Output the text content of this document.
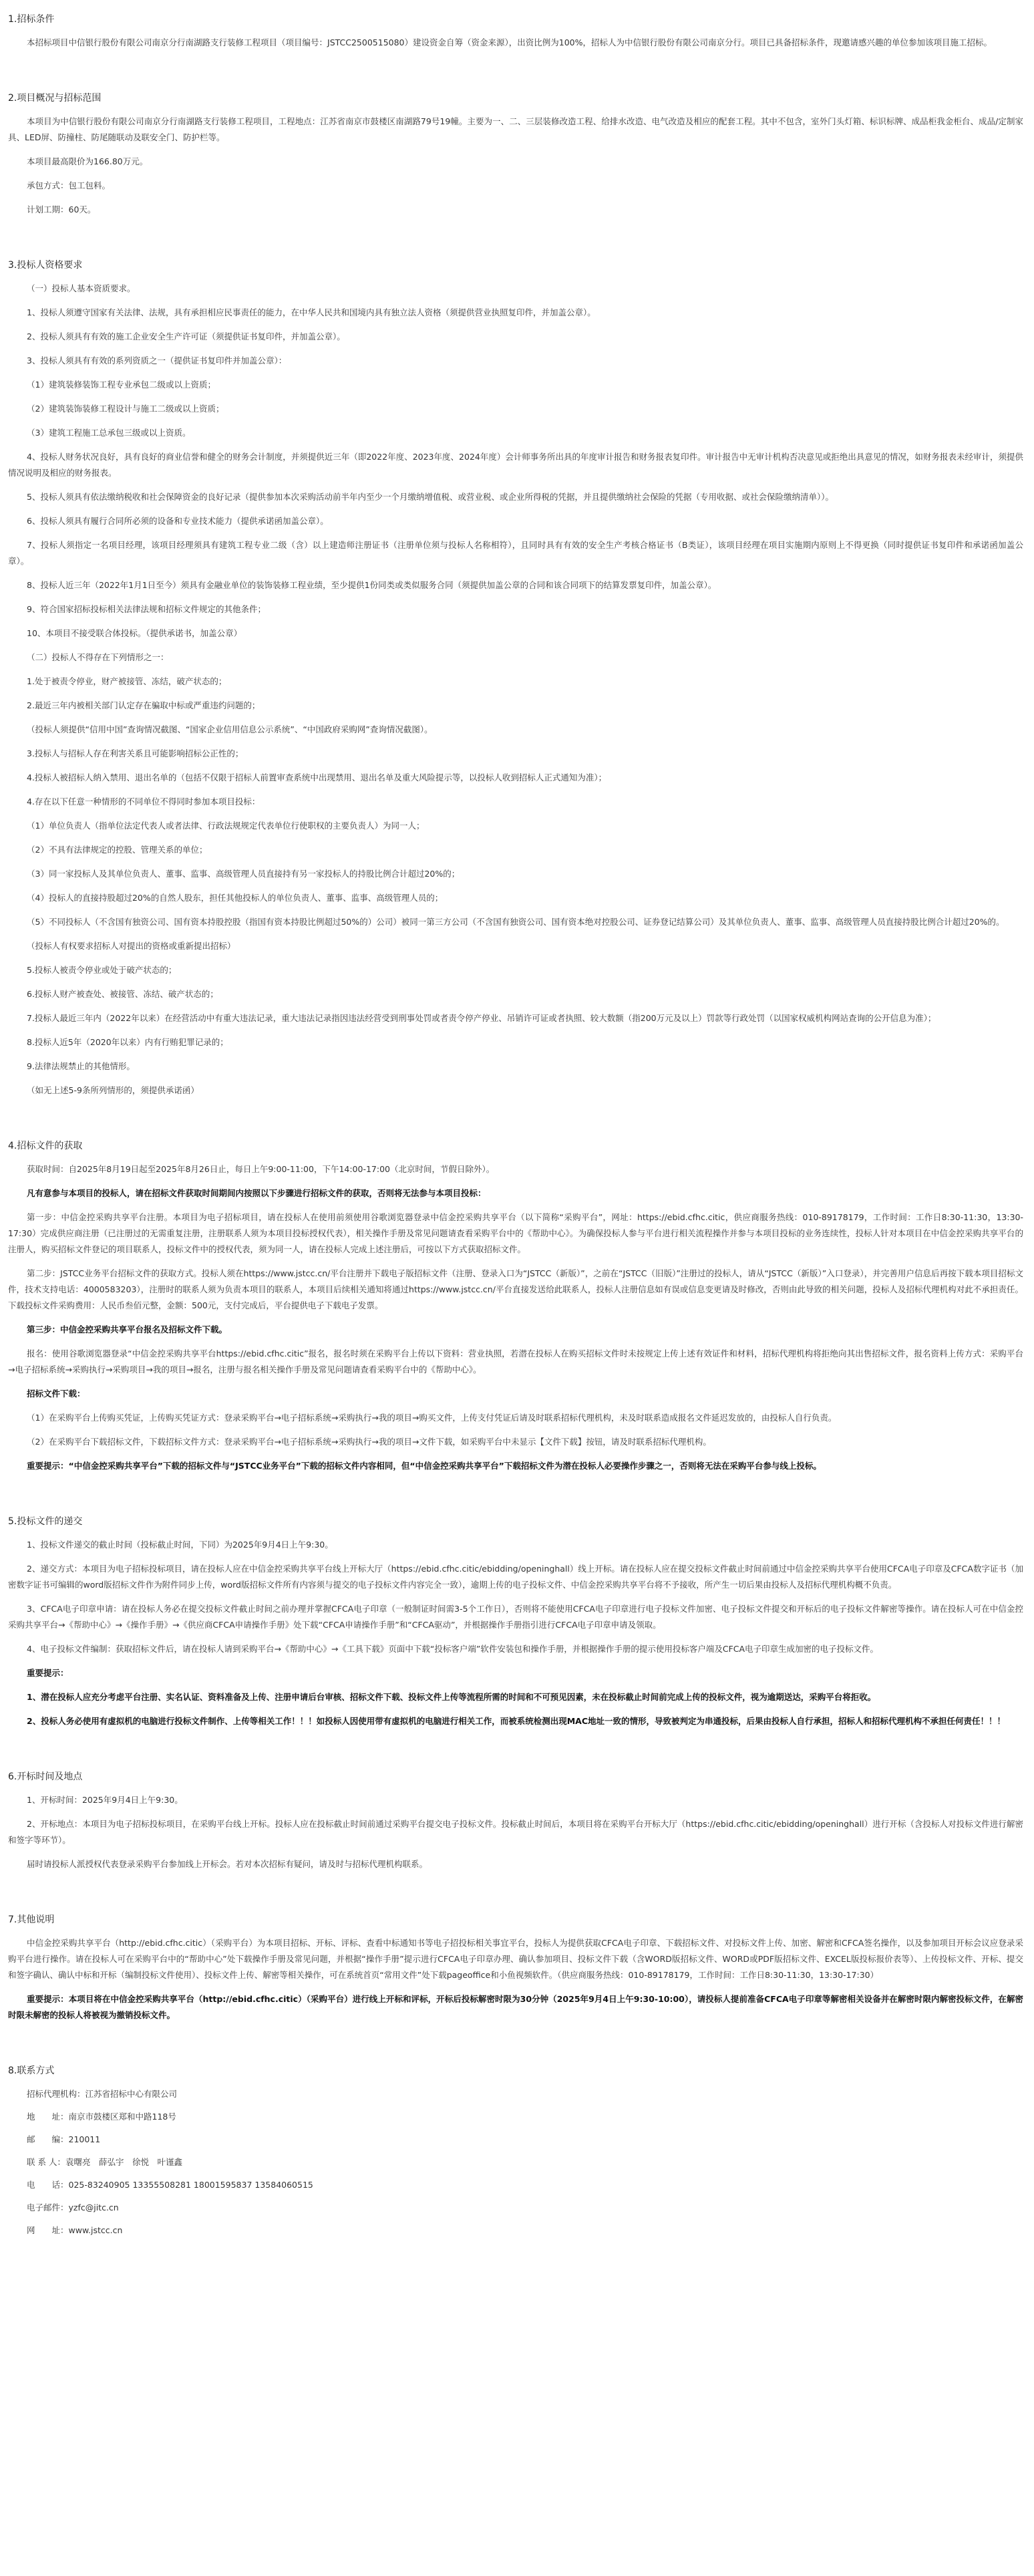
1.招标条件
本招标项目中信银行股份有限公司南京分行南湖路支行装修工程项目（项目编号：JSTCC2500515080）建设资金自筹（资金来源），出资比例为100%，招标人为中信银行股份有限公司南京分行。项目已具备招标条件，现邀请感兴趣的单位参加该项目施工招标。
2.项目概况与招标范围
本项目为中信银行股份有限公司南京分行南湖路支行装修工程项目，工程地点：江苏省南京市鼓楼区南湖路79号19幢。主要为一、二、三层装修改造工程、给排水改造、电气改造及相应的配套工程。其中不包含，室外门头灯箱、标识标牌、成品柜我金柜台、成品/定制家具、LED屏、防撞柱、防尾随联动及联安全门、防护栏等。
本项目最高限价为166.80万元。
承包方式：包工包料。
计划工期：60天。
3.投标人资格要求
（一）投标人基本资质要求。
1、投标人须遵守国家有关法律、法规，具有承担相应民事责任的能力，在中华人民共和国境内具有独立法人资格（须提供营业执照复印件，并加盖公章）。
2、投标人须具有有效的施工企业安全生产许可证（须提供证书复印件，并加盖公章）。
3、投标人须具有有效的系列资质之一（提供证书复印件并加盖公章）：
（1）建筑装修装饰工程专业承包二级或以上资质；
（2）建筑装饰装修工程设计与施工二级或以上资质；
（3）建筑工程施工总承包三级或以上资质。
4、投标人财务状况良好，具有良好的商业信誉和健全的财务会计制度，并须提供近三年（即2022年度、2023年度、2024年度）会计师事务所出具的年度审计报告和财务报表复印件。审计报告中无审计机构否决意见或拒绝出具意见的情况，如财务报表未经审计，须提供情况说明及相应的财务报表。
5、投标人须具有依法缴纳税收和社会保障资金的良好记录（提供参加本次采购活动前半年内至少一个月缴纳增值税、或营业税、或企业所得税的凭据，并且提供缴纳社会保险的凭据（专用收据、或社会保险缴纳清单））。
6、投标人须具有履行合同所必须的设备和专业技术能力（提供承诺函加盖公章）。
7、投标人须指定一名项目经理，该项目经理须具有建筑工程专业二级（含）以上建造师注册证书（注册单位须与投标人名称相符），且同时具有有效的安全生产考核合格证书（B类证），该项目经理在项目实施期内原则上不得更换（同时提供证书复印件和承诺函加盖公章）。
8、投标人近三年（2022年1月1日至今）须具有金融业单位的装饰装修工程业绩，至少提供1份同类或类似服务合同（须提供加盖公章的合同和该合同项下的结算发票复印件，加盖公章）。
9、符合国家招标投标相关法律法规和招标文件规定的其他条件；
10、本项目不接受联合体投标。（提供承诺书，加盖公章）
（二）投标人不得存在下列情形之一：
1.处于被责令停业，财产被接管、冻结，破产状态的；
2.最近三年内被相关部门认定存在骗取中标或严重违约问题的；
（投标人须提供“信用中国”查询情况截图、“国家企业信用信息公示系统”、“中国政府采购网”查询情况截图）。
3.投标人与招标人存在利害关系且可能影响招标公正性的；
4.投标人被招标人纳入禁用、退出名单的（包括不仅限于招标人前置审查系统中出现禁用、退出名单及重大风险提示等，以投标人收到招标人正式通知为准）；
4.存在以下任意一种情形的不同单位不得同时参加本项目投标：
（1）单位负责人（指单位法定代表人或者法律、行政法规规定代表单位行使职权的主要负责人）为同一人；
（2）不具有法律规定的控股、管理关系的单位；
（3）同一家投标人及其单位负责人、董事、监事、高级管理人员直接持有另一家投标人的持股比例合计超过20%的；
（4）投标人的直接持股超过20%的自然人股东，担任其他投标人的单位负责人、董事、监事、高级管理人员的；
（5）不同投标人（不含国有独资公司、国有资本持股控股（指国有资本持股比例超过50%的）公司）被同一第三方公司（不含国有独资公司、国有资本绝对控股公司、证券登记结算公司）及其单位负责人、董事、监事、高级管理人员直接持股比例合计超过20%的。
（投标人有权要求招标人对提出的资格或重新提出招标）
5.投标人被责令停业或处于破产状态的；
6.投标人财产被查处、被接管、冻结、破产状态的；
7.投标人最近三年内（2022年以来）在经营活动中有重大违法记录，重大违法记录指因违法经营受到刑事处罚或者责令停产停业、吊销许可证或者执照、较大数额（指200万元及以上）罚款等行政处罚（以国家权威机构网站查询的公开信息为准）；
8.投标人近5年（2020年以来）内有行贿犯罪记录的；
9.法律法规禁止的其他情形。
（如无上述5-9条所列情形的，须提供承诺函）
4.招标文件的获取
获取时间：自2025年8月19日起至2025年8月26日止，每日上午9:00-11:00，下午14:00-17:00（北京时间，节假日除外）。
凡有意参与本项目的投标人，请在招标文件获取时间期间内按照以下步骤进行招标文件的获取，否则将无法参与本项目投标：
第一步：中信金控采购共享平台注册。本项目为电子招标项目，请在投标人在使用前须使用谷歌浏览器登录中信金控采购共享平台（以下简称“采购平台”，网址：https://ebid.cfhc.citic，供应商服务热线：010-89178179，工作时间：工作日8:30-11:30，13:30-17:30）完成供应商注册（已注册过的无需重复注册，注册联系人须为本项目投标授权代表），相关操作手册及常见问题请查看采购平台中的《帮助中心》。为确保投标人参与平台进行相关流程操作并参与本项目投标的业务连续性，投标人针对本项目在中信金控采购共享平台的注册人，购买招标文件登记的项目联系人，投标文件中的授权代表，须为同一人，请在投标人完成上述注册后，可按以下方式获取招标文件。
第二步：JSTCC业务平台招标文件的获取方式。投标人须在https://www.jstcc.cn/平台注册并下载电子版招标文件（注册、登录入口为“JSTCC（新版）”，之前在“JSTCC（旧版）”注册过的投标人，请从“JSTCC（新版）”入口登录），并完善用户信息后再按下载本项目招标文件，技术支持电话：4000583203），注册时的联系人须为负责本项目的联系人，本项目后续相关通知将通过https://www.jstcc.cn/平台直接发送给此联系人，投标人注册信息如有误或信息变更请及时修改，否则由此导致的相关问题，投标人及招标代理机构对此不承担责任。下载投标文件采购费用：人民币叁佰元整，金额：500元，支付完成后，平台提供电子下载电子发票。
第三步：中信金控采购共享平台报名及招标文件下载。
报名：使用谷歌浏览器登录“中信金控采购共享平台https://ebid.cfhc.citic”报名，报名时须在采购平台上传以下资料：营业执照，若潜在投标人在购买招标文件时未按规定上传上述有效证件和材料，招标代理机构将拒绝向其出售招标文件，报名资料上传方式：采购平台→电子招标系统→采购执行→采购项目→我的项目→报名，注册与报名相关操作手册及常见问题请查看采购平台中的《帮助中心》。
招标文件下载：
（1）在采购平台上传购买凭证，上传购买凭证方式：登录采购平台→电子招标系统→采购执行→我的项目→购买文件，上传支付凭证后请及时联系招标代理机构，未及时联系造成报名文件延迟发放的，由投标人自行负责。
（2）在采购平台下载招标文件，下载招标文件方式：登录采购平台→电子招标系统→采购执行→我的项目→文件下载，如采购平台中未显示【文件下载】按钮，请及时联系招标代理机构。
重要提示：“中信金控采购共享平台”下载的招标文件与“JSTCC业务平台”下载的招标文件内容相同，但“中信金控采购共享平台”下载招标文件为潜在投标人必要操作步骤之一，否则将无法在采购平台参与线上投标。
5.投标文件的递交
1、投标文件递交的截止时间（投标截止时间，下同）为2025年9月4日上午9:30。
2、递交方式：本项目为电子招标投标项目，请在投标人应在中信金控采购共享平台线上开标大厅（https://ebid.cfhc.citic/ebidding/openinghall）线上开标。请在投标人应在提交投标文件截止时间前通过中信金控采购共享平台使用CFCA电子印章及CFCA数字证书（加密数字证书可编辑的word版招标文件作为附件同步上传，word版招标文件所有内容须与提交的电子投标文件内容完全一致），逾期上传的电子投标文件、中信金控采购共享平台将不予接收，所产生一切后果由投标人及招标代理机构概不负责。
3、CFCA电子印章申请：请在投标人务必在提交投标文件截止时间之前办理并掌握CFCA电子印章（一般制证时间需3-5个工作日），否则将不能使用CFCA电子印章进行电子投标文件加密、电子投标文件提交和开标后的电子投标文件解密等操作。请在投标人可在中信金控采购共享平台→《帮助中心》→《操作手册》→《供应商CFCA申请操作手册》处下载“CFCA申请操作手册”和“CFCA驱动”，并根据操作手册指引进行CFCA电子印章申请及领取。
4、电子投标文件编制：获取招标文件后，请在投标人请到采购平台→《帮助中心》→《工具下载》页面中下载“投标客户端”软件安装包和操作手册，并根据操作手册的提示使用投标客户端及CFCA电子印章生成加密的电子投标文件。
重要提示：
1、潜在投标人应充分考虑平台注册、实名认证、资料准备及上传、注册申请后台审核、招标文件下载、投标文件上传等流程所需的时间和不可预见因素，未在投标截止时间前完成上传的投标文件，视为逾期送达，采购平台将拒收。
2、投标人务必使用有虚拟机的电脑进行投标文件制作、上传等相关工作！！！如投标人因使用带有虚拟机的电脑进行相关工作，而被系统检测出现MAC地址一致的情形，导致被判定为串通投标，后果由投标人自行承担，招标人和招标代理机构不承担任何责任！！！
6.开标时间及地点
1、开标时间：2025年9月4日上午9:30。
2、开标地点：本项目为电子招标投标项目，在采购平台线上开标。投标人应在投标截止时间前通过采购平台提交电子投标文件。投标截止时间后，本项目将在采购平台开标大厅（https://ebid.cfhc.citic/ebidding/openinghall）进行开标（含投标人对投标文件进行解密和签字等环节）。
届时请投标人派授权代表登录采购平台参加线上开标会。若对本次招标有疑问，请及时与招标代理机构联系。
7.其他说明
中信金控采购共享平台（http://ebid.cfhc.citic）（采购平台）为本项目招标、开标、评标、查看中标通知书等电子招投标相关事宜平台，投标人为提供获取CFCA电子印章、下载招标文件、对投标文件上传、加密、解密和CFCA签名操作，以及参加项目开标会议应登录采购平台进行操作。请在投标人可在采购平台中的“帮助中心”处下载操作手册及常见问题，并根据“操作手册”提示进行CFCA电子印章办理、确认参加项目、投标文件下载（含WORD版招标文件、WORD或PDF版招标文件、EXCEL版投标报价表等）、上传投标文件、开标、提交和签字确认、确认中标和开标（编制投标文件使用）、投标文件上传、解密等相关操作，可在系统首页“常用文件”处下载pageoffice和小鱼视频软件。（供应商服务热线：010-89178179，工作时间：工作日8:30-11:30，13:30-17:30）
重要提示：本项目将在中信金控采购共享平台（http://ebid.cfhc.citic）（采购平台）进行线上开标和评标，开标后投标解密时限为30分钟（2025年9月4日上午9:30-10:00），请投标人提前准备CFCA电子印章等解密相关设备并在解密时限内解密投标文件，在解密时限未解密的投标人将被视为撤销投标文件。
8.联系方式
招标代理机构：江苏省招标中心有限公司
地　　址：南京市鼓楼区郑和中路118号
邮　　编：210011
联 系 人：袁曙亮　薛弘宇　徐悦　叶谨鑫
电　　话：025-83240905 13355508281 18001595837 13584060515
电子邮件：yzfc@jitc.cn
网　　址：www.jstcc.cn
